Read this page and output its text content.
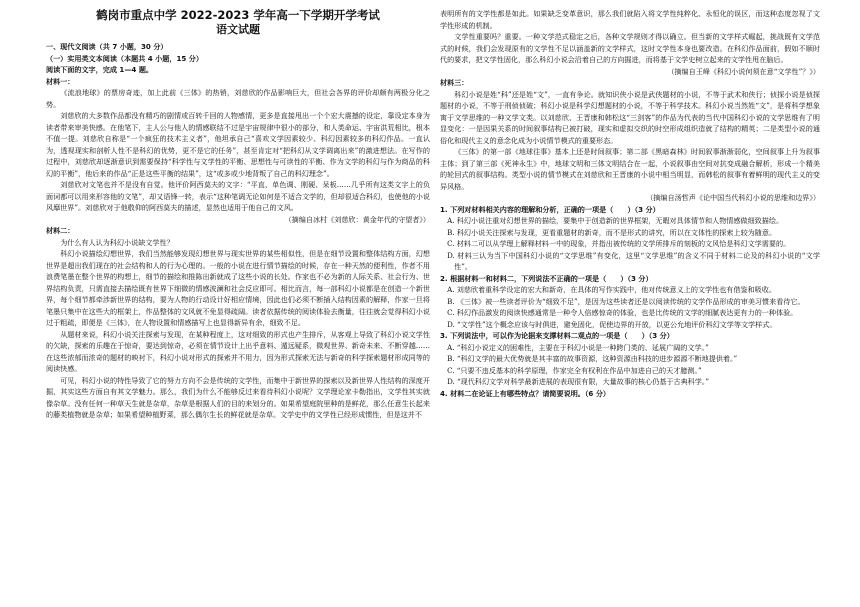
鹤岗市重点中学 2022-2023 学年高一下学期开学考试
语文试题
一、现代文阅读（共 7 小题，30 分）
（一）实用类文本阅读（本题共 4 小题，15 分）
阅读下面的文字，完成 1—4 题。
材料一：
《流浪地球》的票房奇迹，加上此前《三体》的热销，刘慈欣的作品影响巨大，但社会各界的评价却颇有两极分化之势。
刘慈欣的大多数作品都没有精巧的剧情或百转千回的人物感情，更多是直接甩出一个个宏大震撼的设定，靠设定本身为读者带来审美快感。在他笔下，主人公与他人的情感联结不过是宇宙规律中很小的部分，和人类命运、宇宙洪荒相比，根本不值一提。刘慈欣自称是“一个疯狂的技术主义者”，他坦承自己“喜欢文学因素较少、科幻因素较多的科幻作品。一直认为，透视现实和剖析人性不是科幻的优势，更不是它的任务”，甚至肯定对“把科幻从文学调离出来”的激进想法。在写作的过程中，刘慈欣却逐渐意识到需要保持“科学性与文学性的平衡、思想性与可读性的平衡、作为文学的科幻与作为商品的科幻的平衡”，他后来的作品“正是这些平衡的结果”，这“或多或少地背叛了自己的科幻理念”。
刘慈欣对文笔也并不是没有自觉。他评价阿西莫夫的文字：“平直、单色调、刚硬、呆板……几乎所有这类文字上的负面词都可以用来形容他的文笔”，却又语锋一转，表示“这种笔调无论如何是不适合文学的，但却很适合科幻，也使他的小说风靡世界”。刘慈欣对于他敬仰的阿西莫夫的描述，显然也适用于他自己的文风。
（摘编自冰村《刘慈欣：黄金年代的守望者》）
材料二：
为什么有人认为科幻小说缺文学性？
科幻小说描绘幻想世界，我们当然能够发现幻想世界与现实世界的某些相似性，但是在细节设置和整体结构方面，幻想世界是超出我们现在的社会结构和人的行为心理的。一般的小说在进行情节描绘的时候，存在一种天然的便利性，作者不用浪费笔墨在整个世界的构想上，细节的描绘和推陈出新就成了这些小说的长处。作家也不必为新的人际关系、社会行为、世界结构负责，只需直接去描绘既有世界下细微的情感波澜和社会反应即可。相比而言，每一部科幻小说都是在创造一个新世界，每个细节都牵涉新世界的结构，要为人物的行动设计好相应情境，因此也们必须不断插入结构因素的解释，作家一旦将笔墨只集中在这些大的框架上，作品整体的文风就不免显得疏阔。读者依据传统的阅读体验去衡量，往往就会觉得科幻小说过于粗疏，即便是《三体》，在人物设置和情感描写上也显得新异有余，细致不足。
从题材来说，科幻小说关注探索与发现，在某种程度上，这对细致的形式也产生排斥，从客观上导致了科幻小说文学性的欠缺，探索的乐趣在于惊奇，要达到惊奇，必须在情节设计上出乎意料、遁远疑系，微观世界、新奇未来、不断穿越……在这些浓郁而浓奇的题材的映衬下，科幻小说对形式的探索并不用力，因为形式探索无法与新奇的科学探索题材形成同等的阅读快感。
可见，科幻小说的特性导致了它的努力方向不会是传统的文学性，而集中于新世界的探索以及新世界人性结构的深度开掘，其实这些方面自有其文学魅力。那么，我们为什么不能够反过来看待科幻小说呢？文学理论家卡勒指出，文学性其实就像杂草。没有任何一种草天生就是杂草，杂草是根据人们的目的来划分的。如果希望庭院里种的是鲜花，那么任意生长起来的藤类植物就是杂草；如果希望种植野菜，那么偶尔生长的鲜花就是杂草。文学史中的文学性已经形成惯性，但是这并不
表明所有的文学性都是如此。如果缺乏变革意识，那么我们就陷入将文学性纯粹化、永恒化的误区，而这种态度忽视了文学性形成的机制。
文学性重要吗？重要。一种文学范式稳定之后，各种文学规则才得以确立。但当新的文学样式崛起，挑战既有文学范式的时候，我们会发现原有的文学性不足以涵盖新的文学样式，这时文学性本身也要改造。在科幻作品面前，假如不顺时代的要求，把文学性固化，那么科幻小说会沿着自己的方向掘进，而将基于文学史树立起来的文学性甩在脑后。
（摘编自王峰《科幻小说何须在意“文学性”？》）
材料三：
科幻小说是姓“科”还是姓“文”，一直有争论。就知识侠小说是武侠题材的小说，不等于武术和侠行；侦探小说是侦探题材的小说，不等于刑侦侦破；科幻小说是科学幻想题材的小说，不等于科学技术。科幻小说当然姓“文”，是将科学想象寓于文学思维的一种文学文类。以刘慈欣、王晋康和韩松这“三剑客”的作品为代表的当代中国科幻小说的文学思维有了明显变化：一是因果关系的时间叙事结构已被打破，现实和虚拟交织的时空形成组织造就了结构的精英；二是类型小说的通俗化和现代主义的意念化成为小说情节模式的重要形态。
《三体》的第一部《地球往事》基本上还是时间叙事；第二部《黑暗森林》时间叙事渐渐弱化，空间叙事上升为叙事主体；到了第三部《死神永生》中，地球文明和三体文明结合在一起，小说叙事由空间对抗变成融合解析，形成一个精美的轮回式的叙事结构。类型小说的情节模式在刘慈欣和王晋康的小说中相当明显，而韩松的叙事有着鲜明的现代主义的变异风格。
（摘编自汤哲声《论中国当代科幻小说的思维和边界》）
1. 下列对材料相关内容的理解和分析，正确的一项是（　　）（3 分）
A. 科幻小说注重对幻想世界的描绘，要集中于创造新的世界框架，无暇对具体情节和人物情感做细致描绘。
B. 科幻小说关注探索与发现，更看重题材的新奇，而不是形式的讲究，所以在文体性的探索上较为随意。
C. 材料二可以从学理上解释材料一中的现象，并指出被传统的文学所排斥的刻板的文风恰是科幻文学需要的。
D. 材料三认为当下中国科幻小说的“文学思维”有变化，这里“文学思维”的含义不同于材料二论及的科幻小说的“文学性”。
2. 根据材料一和材料二，下列说法不正确的一项是（　　）（3 分）
A. 刘慈欣着重科学设定的宏大和新奇，在具体的写作实践中，他对传统意义上的文学性也有借鉴和吸收。
B. 《三体》被一些读者评价为“细致不足”，是因为这些读者还是以阅读传统的文学作品形成的审美习惯来看待它。
C. 科幻作品激发的阅读快感通常是一种令人倍感惊奇的体验，也是比传统的文学的细腻表达更有力的一种体验。
D. “文学性”这个概念应该与时俱进，避免固化，促使边界的开放，以更公允地评价科幻文学等文学样式。
3. 下列说法中，可以作为论据来支撑材料二观点的一项是（　　）（3 分）
A. “科幻小说定义的困难性，主要在于科幻小说是一种跨门类的、延展广阔的文学。”
B. “科幻文学的最大优势就是其丰富的故事资源，这种资源由科技的进步源源不断地提供着。”
C. “只要不违反基本的科学原理，作家完全有权利在作品中加进自己的天才臆测。”
D. “现代科幻文学对科学最新进展的表现很有限，大量故事的核心仍基于古典科学。”
4. 材料二在论证上有哪些特点？请简要说明。（6 分）
